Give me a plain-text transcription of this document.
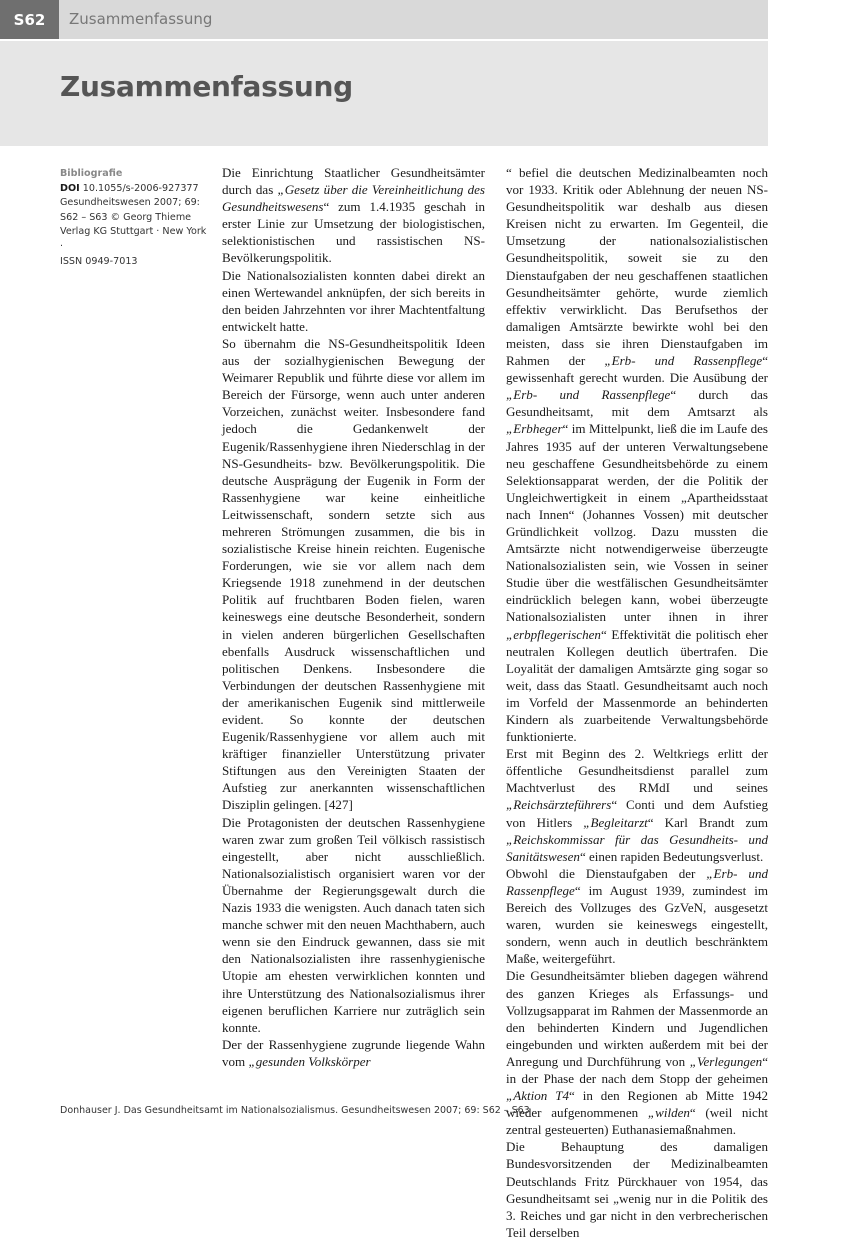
S62	Zusammenfassung
Zusammenfassung
Bibliografie
DOI 10.1055/s-2006-927377
Gesundheitswesen 2007; 69:
S62 – S63 © Georg Thieme
Verlag KG Stuttgart · New York ·
ISSN 0949-7013

Die Einrichtung Staatlicher Gesundheitsämter durch das „Gesetz über die Vereinheitlichung des Gesundheitswesens“ zum 1.4.1935 geschah in erster Linie zur Umsetzung der biologistischen, selektionistischen und rassistischen NS-Bevölkerungspolitik.

Die Nationalsozialisten konnten dabei direkt an einen Wertewandel anknüpfen, der sich bereits in den beiden Jahrzehnten vor ihrer Machtentfaltung entwickelt hatte.

So übernahm die NS-Gesundheitspolitik Ideen aus der sozialhygienischen Bewegung der Weimarer Republik und führte diese vor allem im Bereich der Fürsorge, wenn auch unter anderen Vorzeichen, zunächst weiter. Insbesondere fand jedoch die Gedankenwelt der Eugenik/Rassenhygiene ihren Niederschlag in der NS-Gesundheits- bzw. Bevölkerungspolitik. Die deutsche Ausprägung der Eugenik in Form der Rassenhygiene war keine einheitliche Leitwissenschaft, sondern setzte sich aus mehreren Strömungen zusammen, die bis in sozialistische Kreise hinein reichten. Eugenische Forderungen, wie sie vor allem nach dem Kriegsende 1918 zunehmend in der deutschen Politik auf fruchtbaren Boden fielen, waren keineswegs eine deutsche Besonderheit, sondern in vielen anderen bürgerlichen Gesellschaften ebenfalls Ausdruck wissenschaftlichen und politischen Denkens. Insbesondere die Verbindungen der deutschen Rassenhygiene mit der amerikanischen Eugenik sind mittlerweile evident. So konnte der deutschen Eugenik/Rassenhygiene vor allem auch mit kräftiger finanzieller Unterstützung privater Stiftungen aus den Vereinigten Staaten der Aufstieg zur anerkannten wissenschaftlichen Disziplin gelingen. [427]

Die Protagonisten der deutschen Rassenhygiene waren zwar zum großen Teil völkisch rassistisch eingestellt, aber nicht ausschließlich. Nationalsozialistisch organisiert waren vor der Übernahme der Regierungsgewalt durch die Nazis 1933 die wenigsten. Auch danach taten sich manche schwer mit den neuen Machthabern, auch wenn sie den Eindruck gewannen, dass sie mit den Nationalsozialisten ihre rassenhygienische Utopie am ehesten verwirklichen konnten und ihre Unterstützung des Nationalsozialismus ihrer eigenen beruflichen Karriere nur zuträglich sein konnte.

Der der Rassenhygiene zugrunde liegende Wahn vom „gesunden Volkskörper

“ befiel die deutschen Medizinalbeamten noch vor 1933. Kritik oder Ablehnung der neuen NS-Gesundheitspolitik war deshalb aus diesen Kreisen nicht zu erwarten. Im Gegenteil, die Umsetzung der nationalsozialistischen Gesundheitspolitik, soweit sie zu den Dienstaufgaben der neu geschaffenen staatlichen Gesundheitsämter gehörte, wurde ziemlich effektiv verwirklicht. Das Berufsethos der damaligen Amtsärzte bewirkte wohl bei den meisten, dass sie ihren Dienstaufgaben im Rahmen der „Erb- und Rassenpflege“ gewissenhaft gerecht wurden. Die Ausübung der „Erb- und Rassenpflege“ durch das Gesundheitsamt, mit dem Amtsarzt als „Erbheger“ im Mittelpunkt, ließ die im Laufe des Jahres 1935 auf der unteren Verwaltungsebene neu geschaffene Gesundheitsbehörde zu einem Selektionsapparat werden, der die Politik der Ungleichwertigkeit in einem „Apartheidsstaat nach Innen“ (Johannes Vossen) mit deutscher Gründlichkeit vollzog. Dazu mussten die Amtsärzte nicht notwendigerweise überzeugte Nationalsozialisten sein, wie Vossen in seiner Studie über die westfälischen Gesundheitsämter eindrücklich belegen kann, wobei überzeugte Nationalsozialisten unter ihnen in ihrer „erbpflegerischen“ Effektivität die politisch eher neutralen Kollegen deutlich übertrafen. Die Loyalität der damaligen Amtsärzte ging sogar so weit, dass das Staatl. Gesundheitsamt auch noch im Vorfeld der Massenmorde an behinderten Kindern als zuarbeitende Verwaltungsbehörde funktionierte.

Erst mit Beginn des 2. Weltkriegs erlitt der öffentliche Gesundheitsdienst parallel zum Machtverlust des RMdI und seines „Reichsärzteführers“ Conti und dem Aufstieg von Hitlers „Begleitarzt“ Karl Brandt zum „Reichskommissar für das Gesundheits- und Sanitätswesen“ einen rapiden Bedeutungsverlust.

Obwohl die Dienstaufgaben der „Erb- und Rassenpflege“ im August 1939, zumindest im Bereich des Vollzuges des GzVeN, ausgesetzt waren, wurden sie keineswegs eingestellt, sondern, wenn auch in deutlich beschränktem Maße, weitergeführt.

Die Gesundheitsämter blieben dagegen während des ganzen Krieges als Erfassungs- und Vollzugsapparat im Rahmen der Massenmorde an den behinderten Kindern und Jugendlichen eingebunden und wirkten außerdem mit bei der Anregung und Durchführung von „Verlegungen“ in der Phase der nach dem Stopp der geheimen „Aktion T4“ in den Regionen ab Mitte 1942 wieder aufgenommenen „wilden“ (weil nicht zentral gesteuerten) Euthanasiemaßnahmen.

Die Behauptung des damaligen Bundesvorsitzenden der Medizinalbeamten Deutschlands Fritz Pürckhauer von 1954, das Gesundheitsamt sei „wenig nur in die Politik des 3. Reiches und gar nicht in den verbrecherischen Teil derselben

Donhauser J. Das Gesundheitsamt im Nationalsozialismus. Gesundheitswesen 2007; 69: S62 – S63
